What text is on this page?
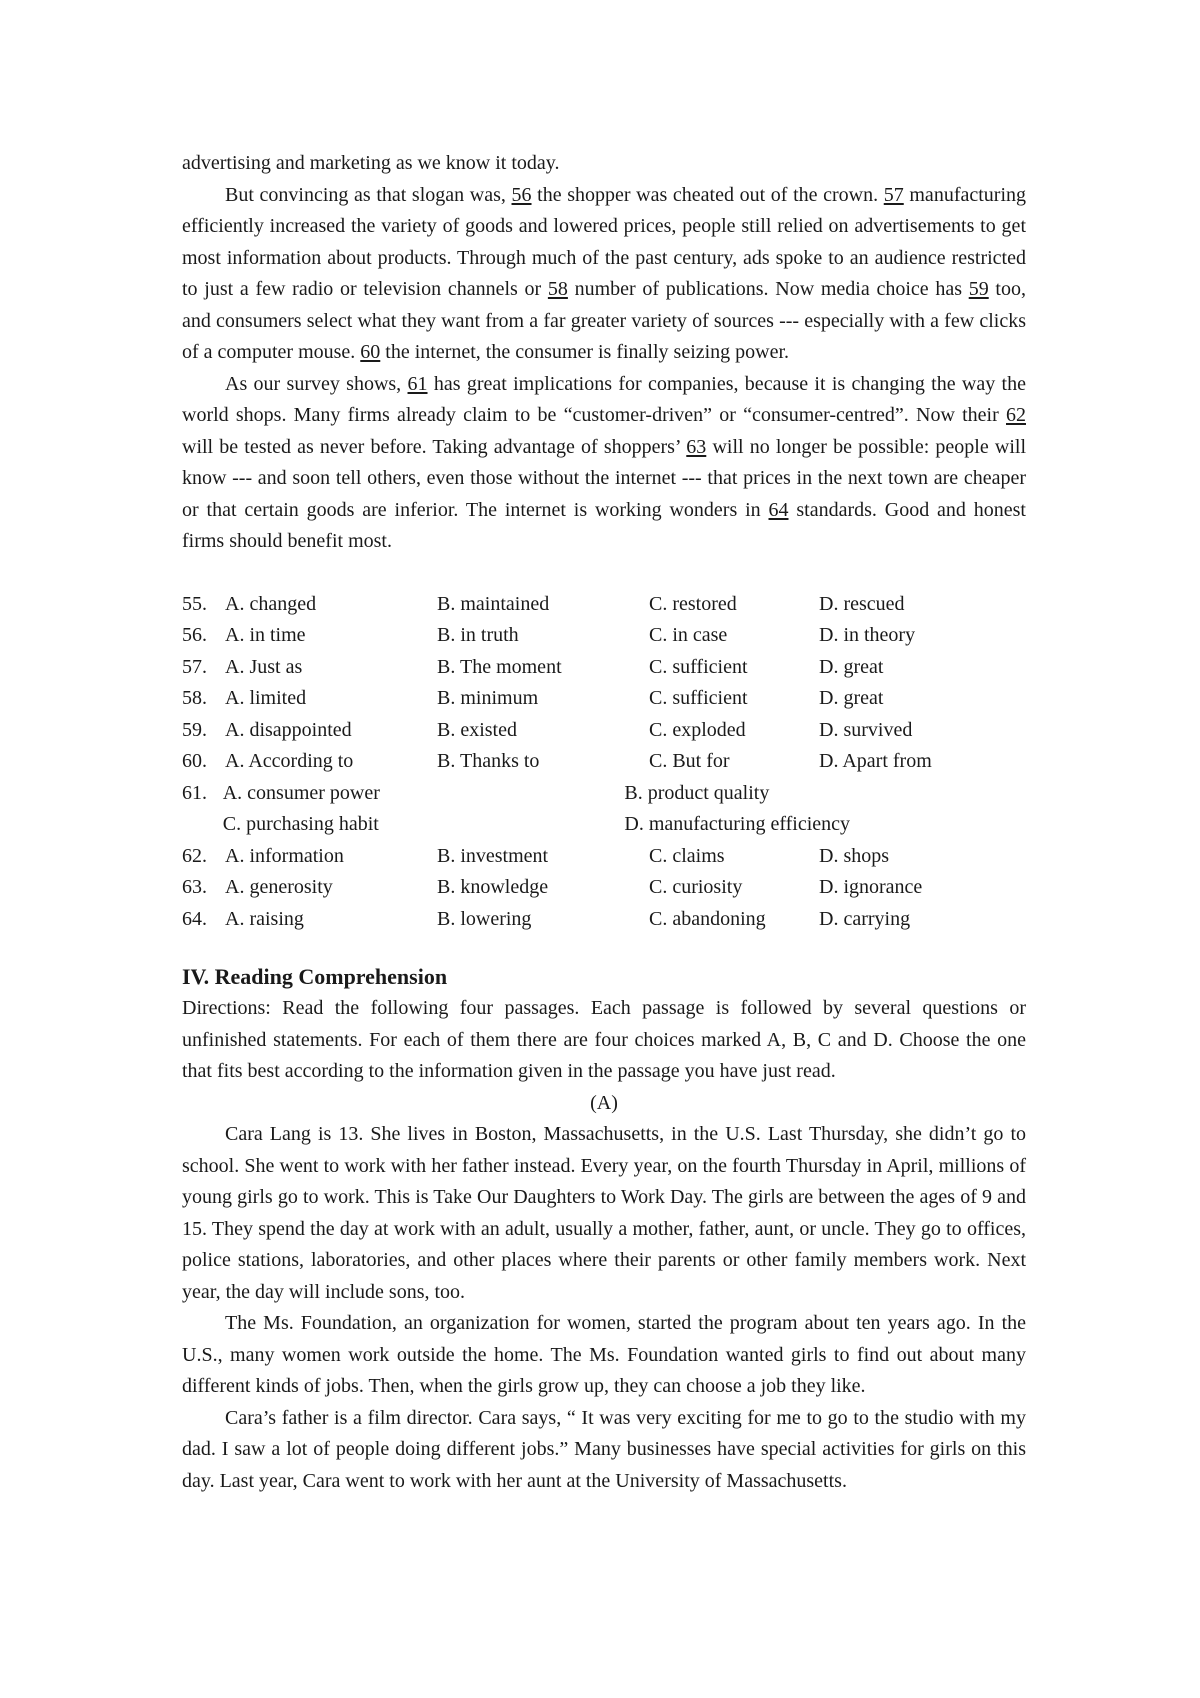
advertising and marketing as we know it today.

But convincing as that slogan was, 56 the shopper was cheated out of the crown. 57 manufacturing efficiently increased the variety of goods and lowered prices, people still relied on advertisements to get most information about products. Through much of the past century, ads spoke to an audience restricted to just a few radio or television channels or 58 number of publications. Now media choice has 59 too, and consumers select what they want from a far greater variety of sources --- especially with a few clicks of a computer mouse. 60 the internet, the consumer is finally seizing power.

As our survey shows, 61 has great implications for companies, because it is changing the way the world shops. Many firms already claim to be “customer-driven” or “consumer-centred”. Now their 62 will be tested as never before. Taking advantage of shoppers’ 63 will no longer be possible: people will know --- and soon tell others, even those without the internet --- that prices in the next town are cheaper or that certain goods are inferior. The internet is working wonders in 64 standards. Good and honest firms should benefit most.

55. A. changed	B. maintained	C. restored	D. rescued
56. A. in time	B. in truth	C. in case	D. in theory
57. A. Just as	B. The moment	C. sufficient	D. great
58. A. limited	B. minimum	C. sufficient	D. great
59. A. disappointed	B. existed	C. exploded	D. survived
60. A. According to	B. Thanks to	C. But for	D. Apart from
61. A. consumer power	B. product quality
C. purchasing habit	D. manufacturing efficiency
62. A. information	B. investment	C. claims	D. shops
63. A. generosity	B. knowledge	C. curiosity	D. ignorance
64. A. raising	B. lowering	C. abandoning	D. carrying
IV. Reading Comprehension

Directions: Read the following four passages. Each passage is followed by several questions or unfinished statements. For each of them there are four choices marked A, B, C and D. Choose the one that fits best according to the information given in the passage you have just read.

(A)

Cara Lang is 13. She lives in Boston, Massachusetts, in the U.S. Last Thursday, she didn’t go to school. She went to work with her father instead. Every year, on the fourth Thursday in April, millions of young girls go to work. This is Take Our Daughters to Work Day. The girls are between the ages of 9 and 15. They spend the day at work with an adult, usually a mother, father, aunt, or uncle. They go to offices, police stations, laboratories, and other places where their parents or other family members work. Next year, the day will include sons, too.

The Ms. Foundation, an organization for women, started the program about ten years ago. In the U.S., many women work outside the home. The Ms. Foundation wanted girls to find out about many different kinds of jobs. Then, when the girls grow up, they can choose a job they like.

Cara’s father is a film director. Cara says, “ It was very exciting for me to go to the studio with my dad. I saw a lot of people doing different jobs.” Many businesses have special activities for girls on this day. Last year, Cara went to work with her aunt at the University of Massachusetts.
